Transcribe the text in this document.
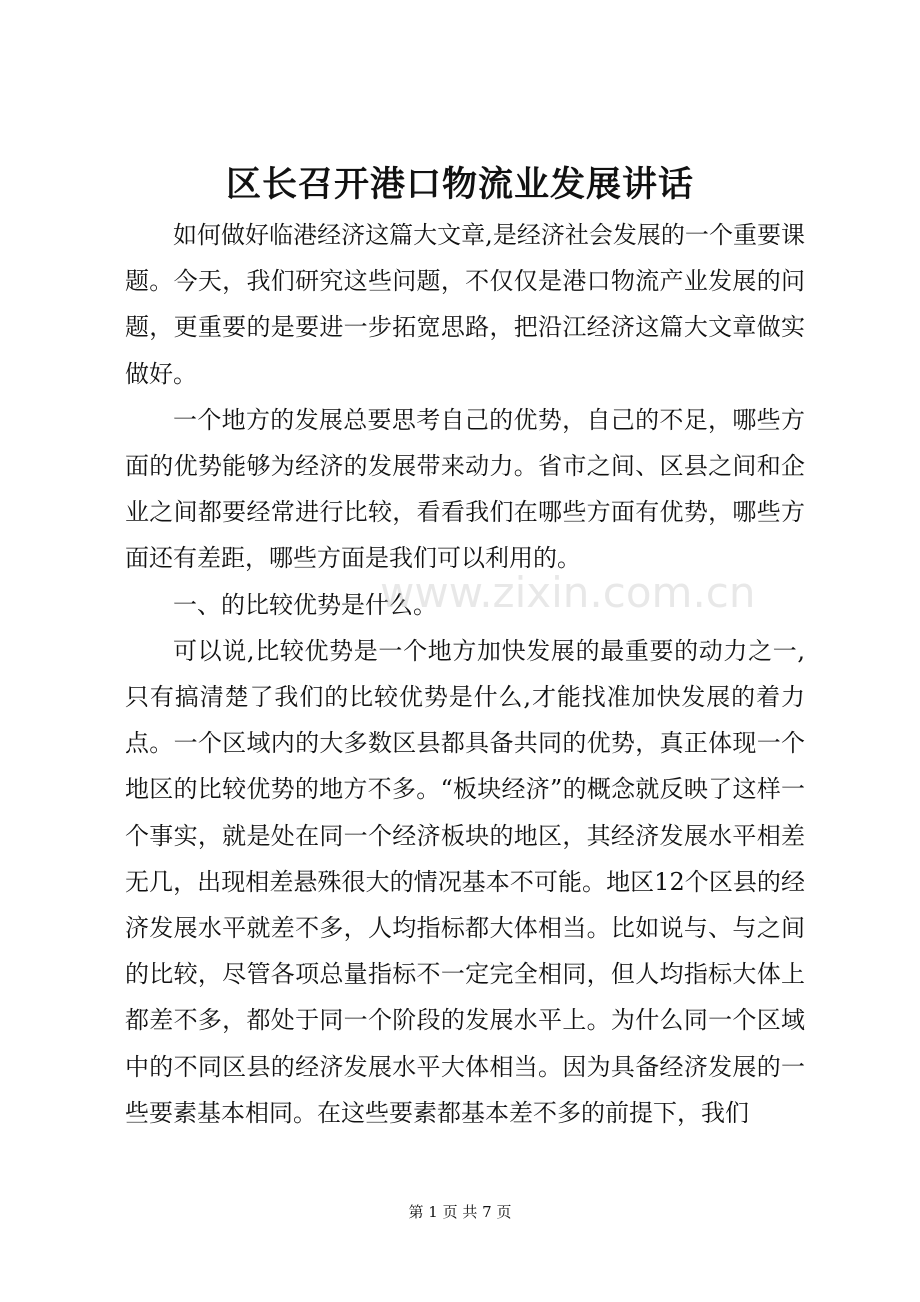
区长召开港口物流业发展讲话

如何做好临港经济这篇大文章,是经济社会发展的一个重要课题。今天，我们研究这些问题，不仅仅是港口物流产业发展的问题，更重要的是要进一步拓宽思路，把沿江经济这篇大文章做实做好。

一个地方的发展总要思考自己的优势，自己的不足，哪些方面的优势能够为经济的发展带来动力。省市之间、区县之间和企业之间都要经常进行比较，看看我们在哪些方面有优势，哪些方面还有差距，哪些方面是我们可以利用的。

一、的比较优势是什么。

可以说,比较优势是一个地方加快发展的最重要的动力之一,只有搞清楚了我们的比较优势是什么,才能找准加快发展的着力点。一个区域内的大多数区县都具备共同的优势，真正体现一个地区的比较优势的地方不多。“板块经济”的概念就反映了这样一个事实，就是处在同一个经济板块的地区，其经济发展水平相差无几，出现相差悬殊很大的情况基本不可能。地区12个区县的经济发展水平就差不多，人均指标都大体相当。比如说与、与之间的比较，尽管各项总量指标不一定完全相同，但人均指标大体上都差不多，都处于同一个阶段的发展水平上。为什么同一个区域中的不同区县的经济发展水平大体相当。因为具备经济发展的一些要素基本相同。在这些要素都基本差不多的前提下，我们

www.zixin.com.cn
第 1 页 共 7 页
